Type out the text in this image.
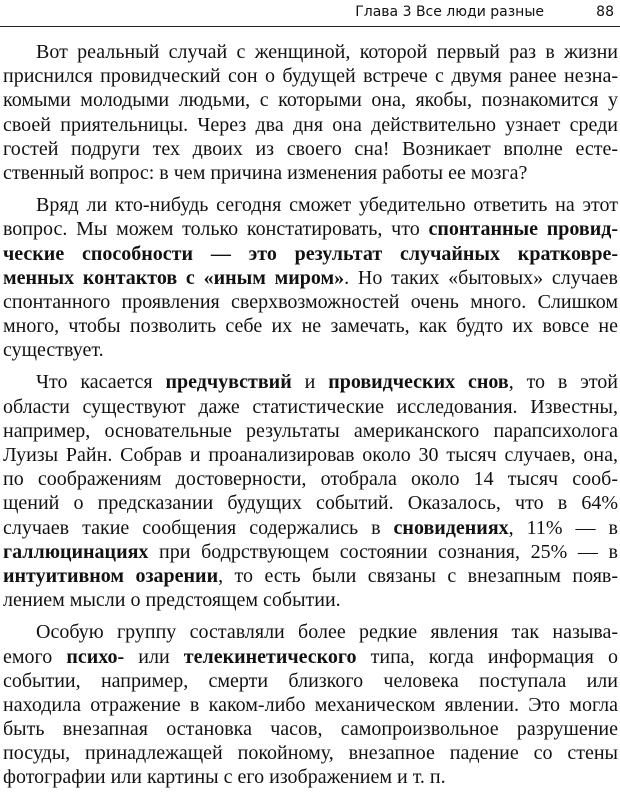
Глава 3 Все люди разные	88
Вот реальный случай с женщиной, которой первый раз в жизни
приснился провидческий сон о будущей встрече с двумя ранее незна-
комыми молодыми людьми, с которыми она, якобы, познакомится у
своей приятельницы. Через два дня она действительно узнает среди
гостей подруги тех двоих из своего сна! Возникает вполне есте-
ственный вопрос: в чем причина изменения работы ее мозга?
Вряд ли кто-нибудь сегодня сможет убедительно ответить на этот
вопрос. Мы можем только констатировать, что спонтанные провид-
ческие способности — это результат случайных кратковре-
менных контактов с «иным миром». Но таких «бытовых» случаев
спонтанного проявления сверхвозможностей очень много. Слишком
много, чтобы позволить себе их не замечать, как будто их вовсе не
существует.
Что касается предчувствий и провидческих снов, то в этой
области существуют даже статистические исследования. Известны,
например, основательные результаты американского парапсихолога
Луизы Райн. Собрав и проанализировав около 30 тысяч случаев, она,
по соображениям достоверности, отобрала около 14 тысяч сооб-
щений о предсказании будущих событий. Оказалось, что в 64%
случаев такие сообщения содержались в сновидениях, 11% — в
галлюцинациях при бодрствующем состоянии сознания, 25% — в
интуитивном озарении, то есть были связаны с внезапным появ-
лением мысли о предстоящем событии.
Особую группу составляли более редкие явления так называ-
емого психо- или телекинетического типа, когда информация о
событии, например, смерти близкого человека поступала или
находила отражение в каком-либо механическом явлении. Это могла
быть внезапная остановка часов, самопроизвольное разрушение
посуды, принадлежащей покойному, внезапное падение со стены
фотографии или картины с его изображением и т. п.
